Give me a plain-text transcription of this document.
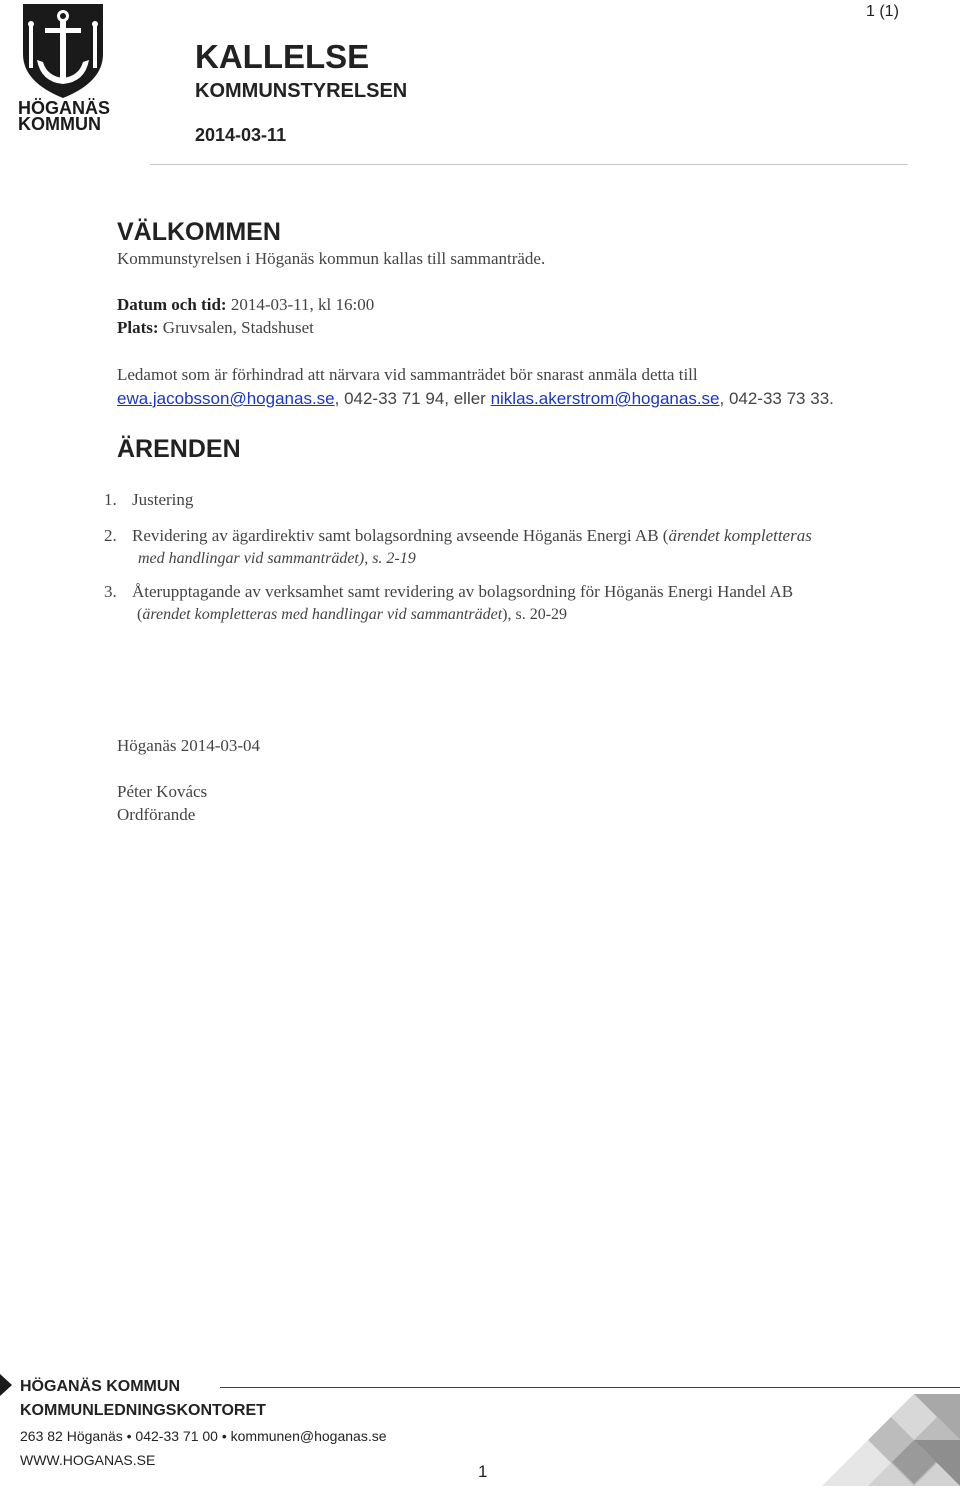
HÖGANÄS
KOMMUN
1 (1)
KALLELSE
KOMMUNSTYRELSEN
2014-03-11
VÄLKOMMEN
Kommunstyrelsen i Höganäs kommun kallas till sammanträde.
Datum och tid: 2014-03-11, kl 16:00
Plats: Gruvsalen, Stadshuset
Ledamot som är förhindrad att närvara vid sammanträdet bör snarast anmäla detta till
ewa.jacobsson@hoganas.se, 042-33 71 94, eller niklas.akerstrom@hoganas.se, 042-33 73 33.
ÄRENDEN
1. Justering
2. Revidering av ägardirektiv samt bolagsordning avseende Höganäs Energi AB (ärendet kompletteras
med handlingar vid sammanträdet), s. 2-19
3. Återupptagande av verksamhet samt revidering av bolagsordning för Höganäs Energi Handel AB
(ärendet kompletteras med handlingar vid sammanträdet), s. 20-29
Höganäs 2014-03-04
Péter Kovács
Ordförande
HÖGANÄS KOMMUN
KOMMUNLEDNINGSKONTORET
263 82 Höganäs • 042-33 71 00 • kommunen@hoganas.se
WWW.HOGANAS.SE
1
